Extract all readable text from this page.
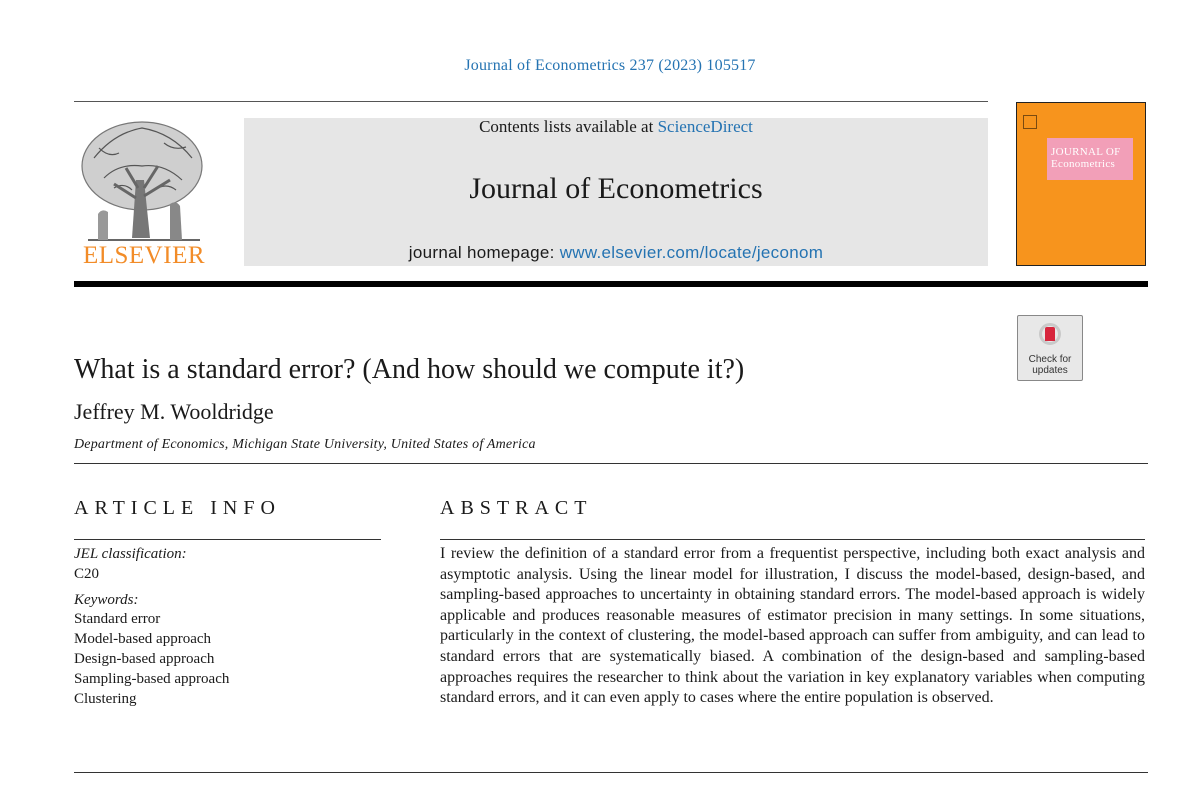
Journal of Econometrics 237 (2023) 105517
ELSEVIER
Contents lists available at ScienceDirect
Journal of Econometrics
journal homepage: www.elsevier.com/locate/jeconom
JOURNAL OF
Econometrics
Check for
updates
What is a standard error? (And how should we compute it?)
Jeffrey M. Wooldridge
Department of Economics, Michigan State University, United States of America
ARTICLE INFO	ABSTRACT
JEL classification:
C20
Keywords:
Standard error
Model-based approach
Design-based approach
Sampling-based approach
Clustering
I review the definition of a standard error from a frequentist perspective, including both exact analysis and asymptotic analysis. Using the linear model for illustration, I discuss the model-based, design-based, and sampling-based approaches to uncertainty in obtaining standard errors. The model-based approach is widely applicable and produces reasonable measures of estimator precision in many settings. In some situations, particularly in the context of clustering, the model-based approach can suffer from ambiguity, and can lead to standard errors that are systematically biased. A combination of the design-based and sampling-based approaches requires the researcher to think about the variation in key explanatory variables when computing standard errors, and it can even apply to cases where the entire population is observed.
